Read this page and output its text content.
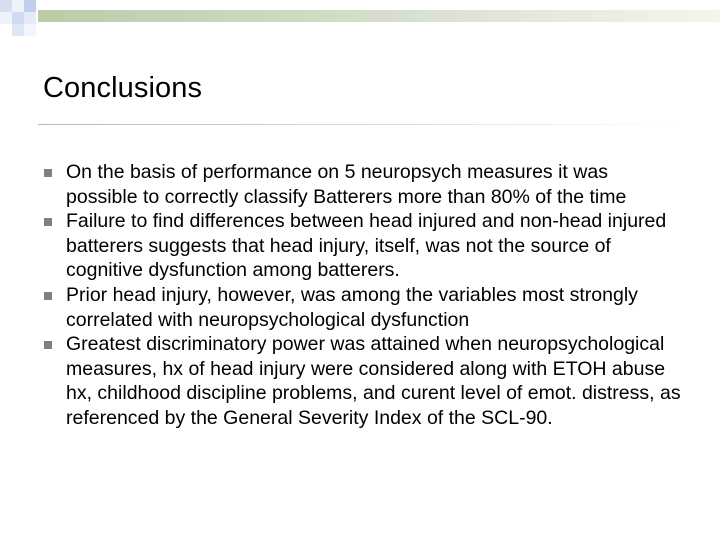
Conclusions
On the basis of performance on 5 neuropsych measures it was possible to correctly classify Batterers more than 80% of the time
Failure to find differences between head injured and non-head injured batterers suggests that head injury, itself, was not the source of cognitive dysfunction among batterers.
Prior head injury, however, was among the variables most strongly correlated with neuropsychological dysfunction
Greatest discriminatory power was attained when neuropsychological measures, hx of head injury were considered along with ETOH abuse hx, childhood discipline problems, and curent level of emot. distress, as referenced by the General Severity Index of the SCL-90.
